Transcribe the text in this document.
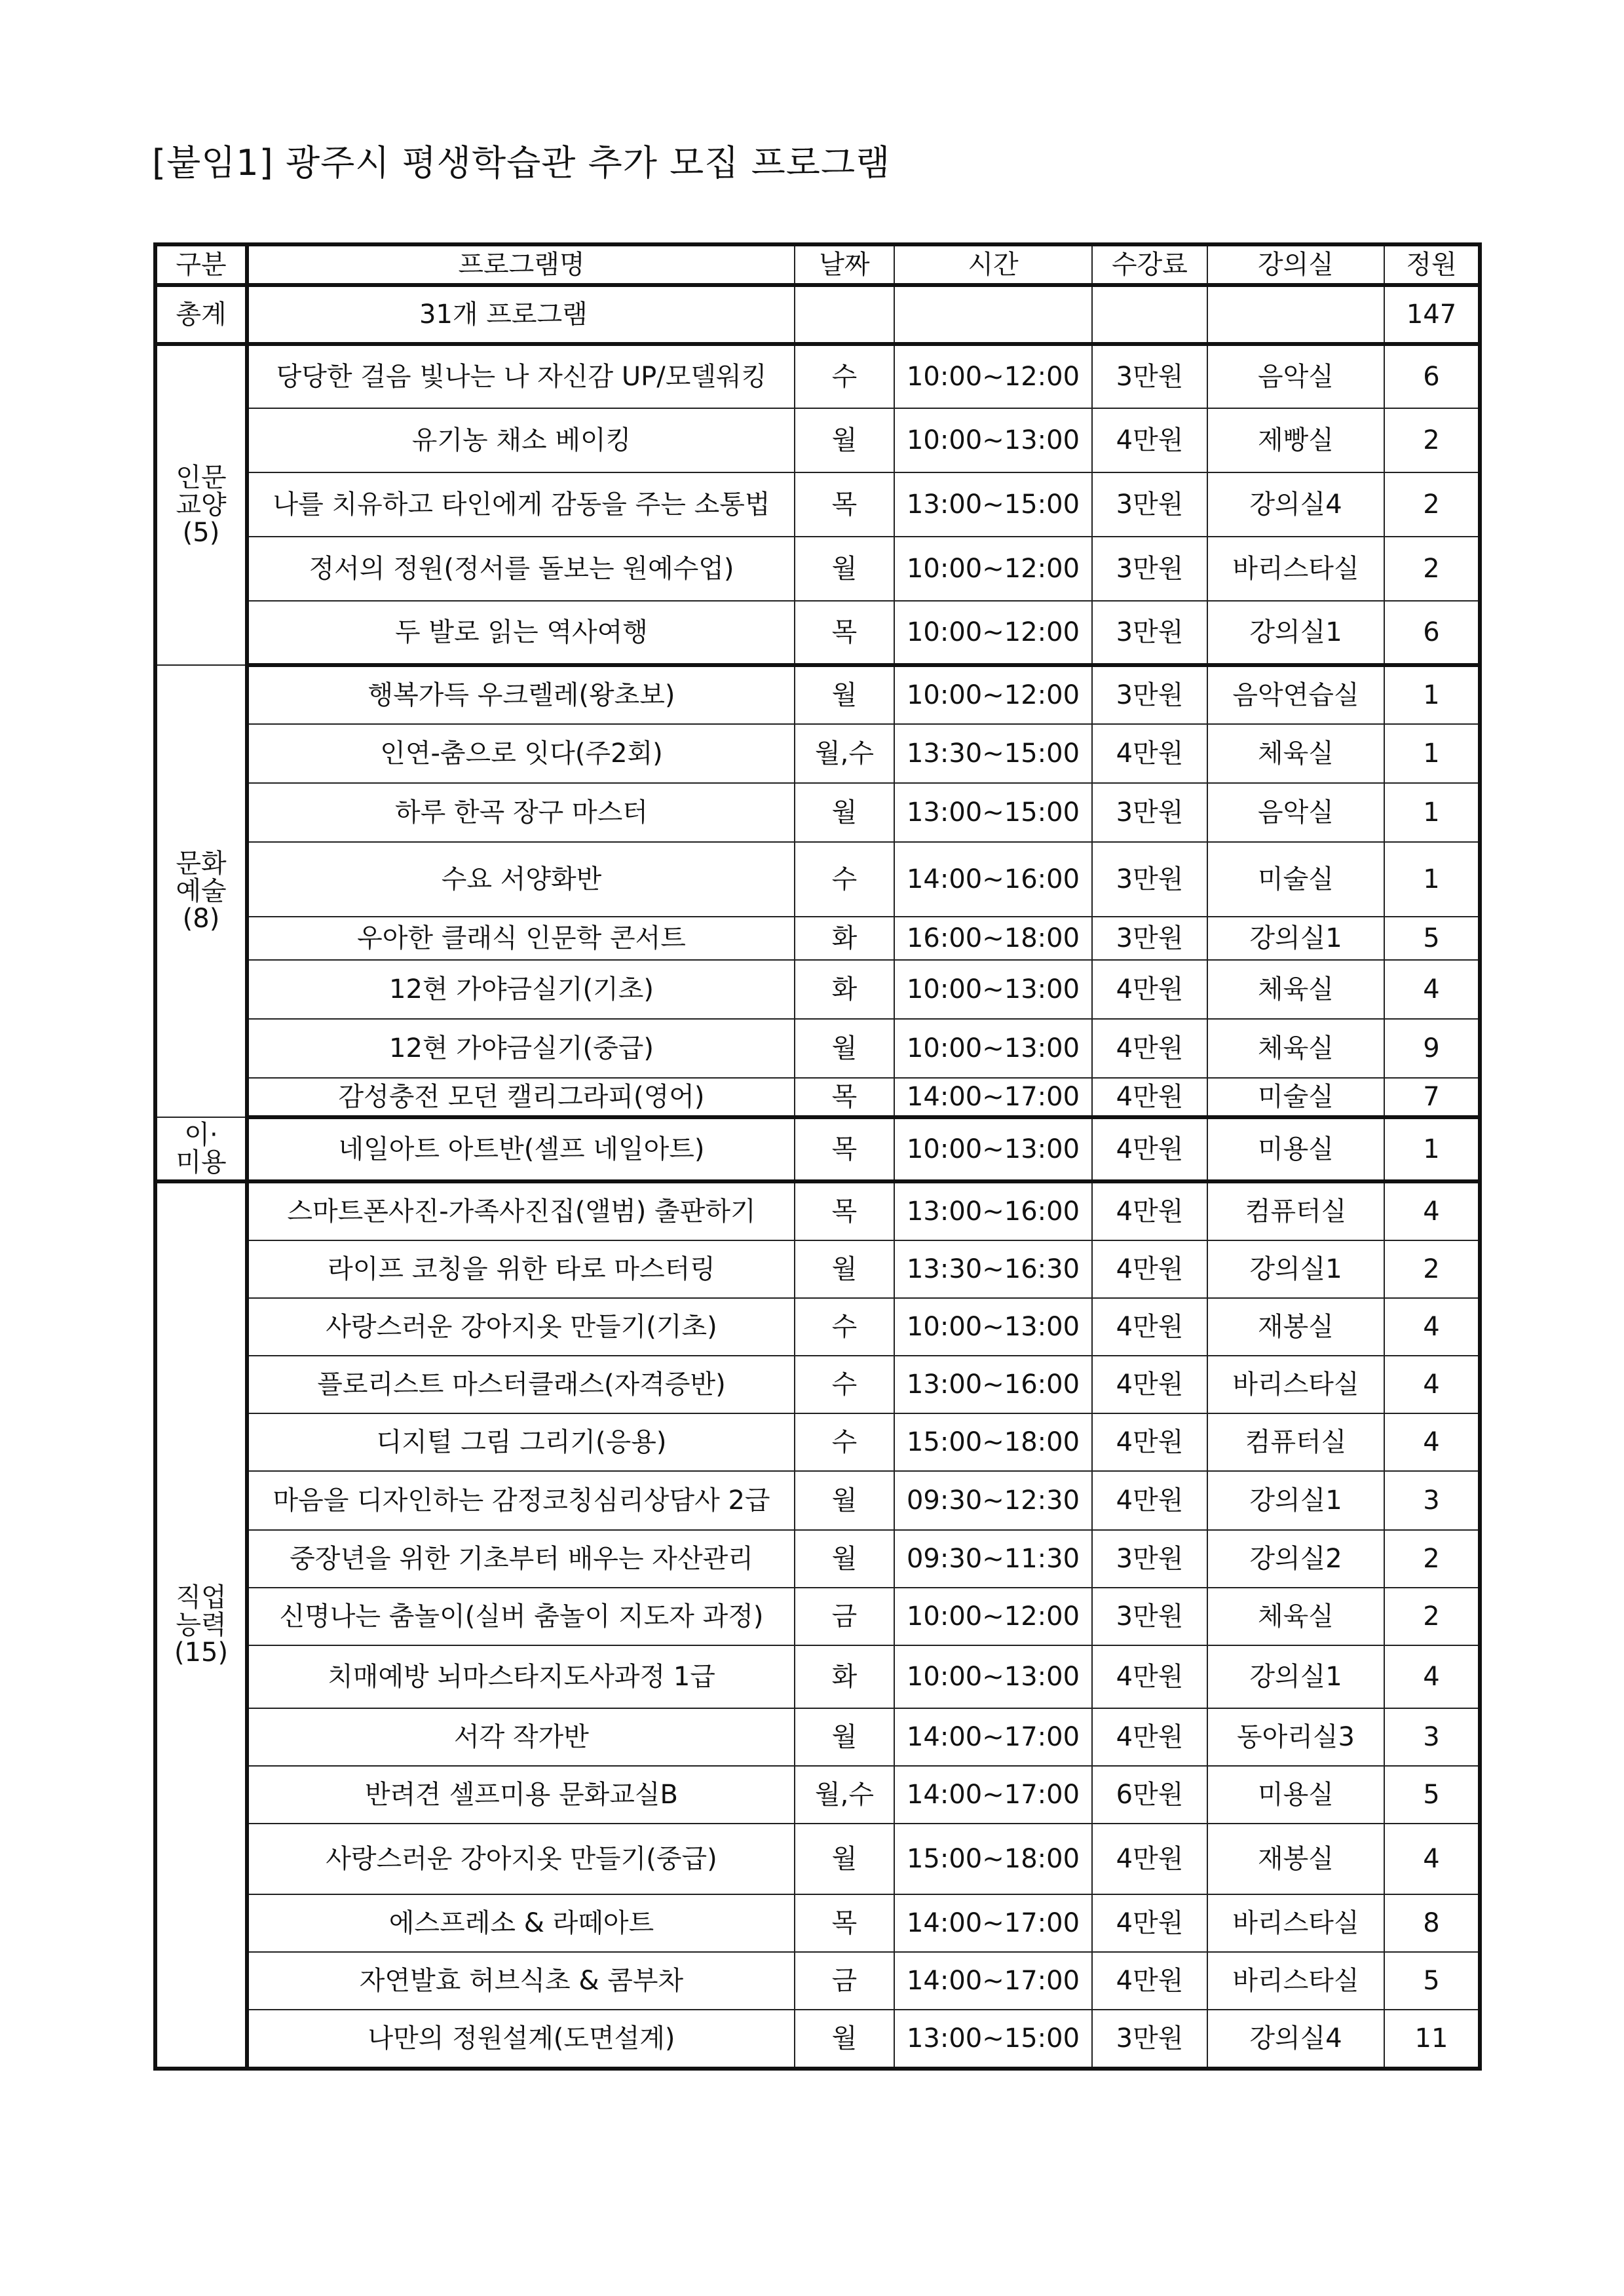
[붙임1] 광주시 평생학습관 추가 모집 프로그램
구분	프로그램명	날짜	시간	수강료	강의실	정원
총계	31개 프로그램					147

인문
교양
(5)	당당한 걸음 빛나는 나 자신감 UP/모델워킹	수	10:00~12:00	3만원	음악실	6
	유기농 채소 베이킹	월	10:00~13:00	4만원	제빵실	2
	나를 치유하고 타인에게 감동을 주는 소통법	목	13:00~15:00	3만원	강의실4	2
	정서의 정원(정서를 돌보는 원예수업)	월	10:00~12:00	3만원	바리스타실	2
	두 발로 읽는 역사여행	목	10:00~12:00	3만원	강의실1	6

문화
예술
(8)	행복가득 우크렐레(왕초보)	월	10:00~12:00	3만원	음악연습실	1
	인연-춤으로 잇다(주2회)	월,수	13:30~15:00	4만원	체육실	1
	하루 한곡 장구 마스터	월	13:00~15:00	3만원	음악실	1
	수요 서양화반	수	14:00~16:00	3만원	미술실	1
	우아한 클래식 인문학 콘서트	화	16:00~18:00	3만원	강의실1	5
	12현 가야금실기(기초)	화	10:00~13:00	4만원	체육실	4
	12현 가야금실기(중급)	월	10:00~13:00	4만원	체육실	9
	감성충전 모던 캘리그라피(영어)	목	14:00~17:00	4만원	미술실	7

이·
미용	네일아트 아트반(셀프 네일아트)	목	10:00~13:00	4만원	미용실	1

직업
능력
(15)	스마트폰사진-가족사진집(앨범) 출판하기	목	13:00~16:00	4만원	컴퓨터실	4
	라이프 코칭을 위한 타로 마스터링	월	13:30~16:30	4만원	강의실1	2
	사랑스러운 강아지옷 만들기(기초)	수	10:00~13:00	4만원	재봉실	4
	플로리스트 마스터클래스(자격증반)	수	13:00~16:00	4만원	바리스타실	4
	디지털 그림 그리기(응용)	수	15:00~18:00	4만원	컴퓨터실	4
	마음을 디자인하는 감정코칭심리상담사 2급	월	09:30~12:30	4만원	강의실1	3
	중장년을 위한 기초부터 배우는 자산관리	월	09:30~11:30	3만원	강의실2	2
	신명나는 춤놀이(실버 춤놀이 지도자 과정)	금	10:00~12:00	3만원	체육실	2
	치매예방 뇌마스타지도사과정 1급	화	10:00~13:00	4만원	강의실1	4
	서각 작가반	월	14:00~17:00	4만원	동아리실3	3
	반려견 셀프미용 문화교실B	월,수	14:00~17:00	6만원	미용실	5
	사랑스러운 강아지옷 만들기(중급)	월	15:00~18:00	4만원	재봉실	4
	에스프레소 & 라떼아트	목	14:00~17:00	4만원	바리스타실	8
	자연발효 허브식초 & 콤부차	금	14:00~17:00	4만원	바리스타실	5
	나만의 정원설계(도면설계)	월	13:00~15:00	3만원	강의실4	11
